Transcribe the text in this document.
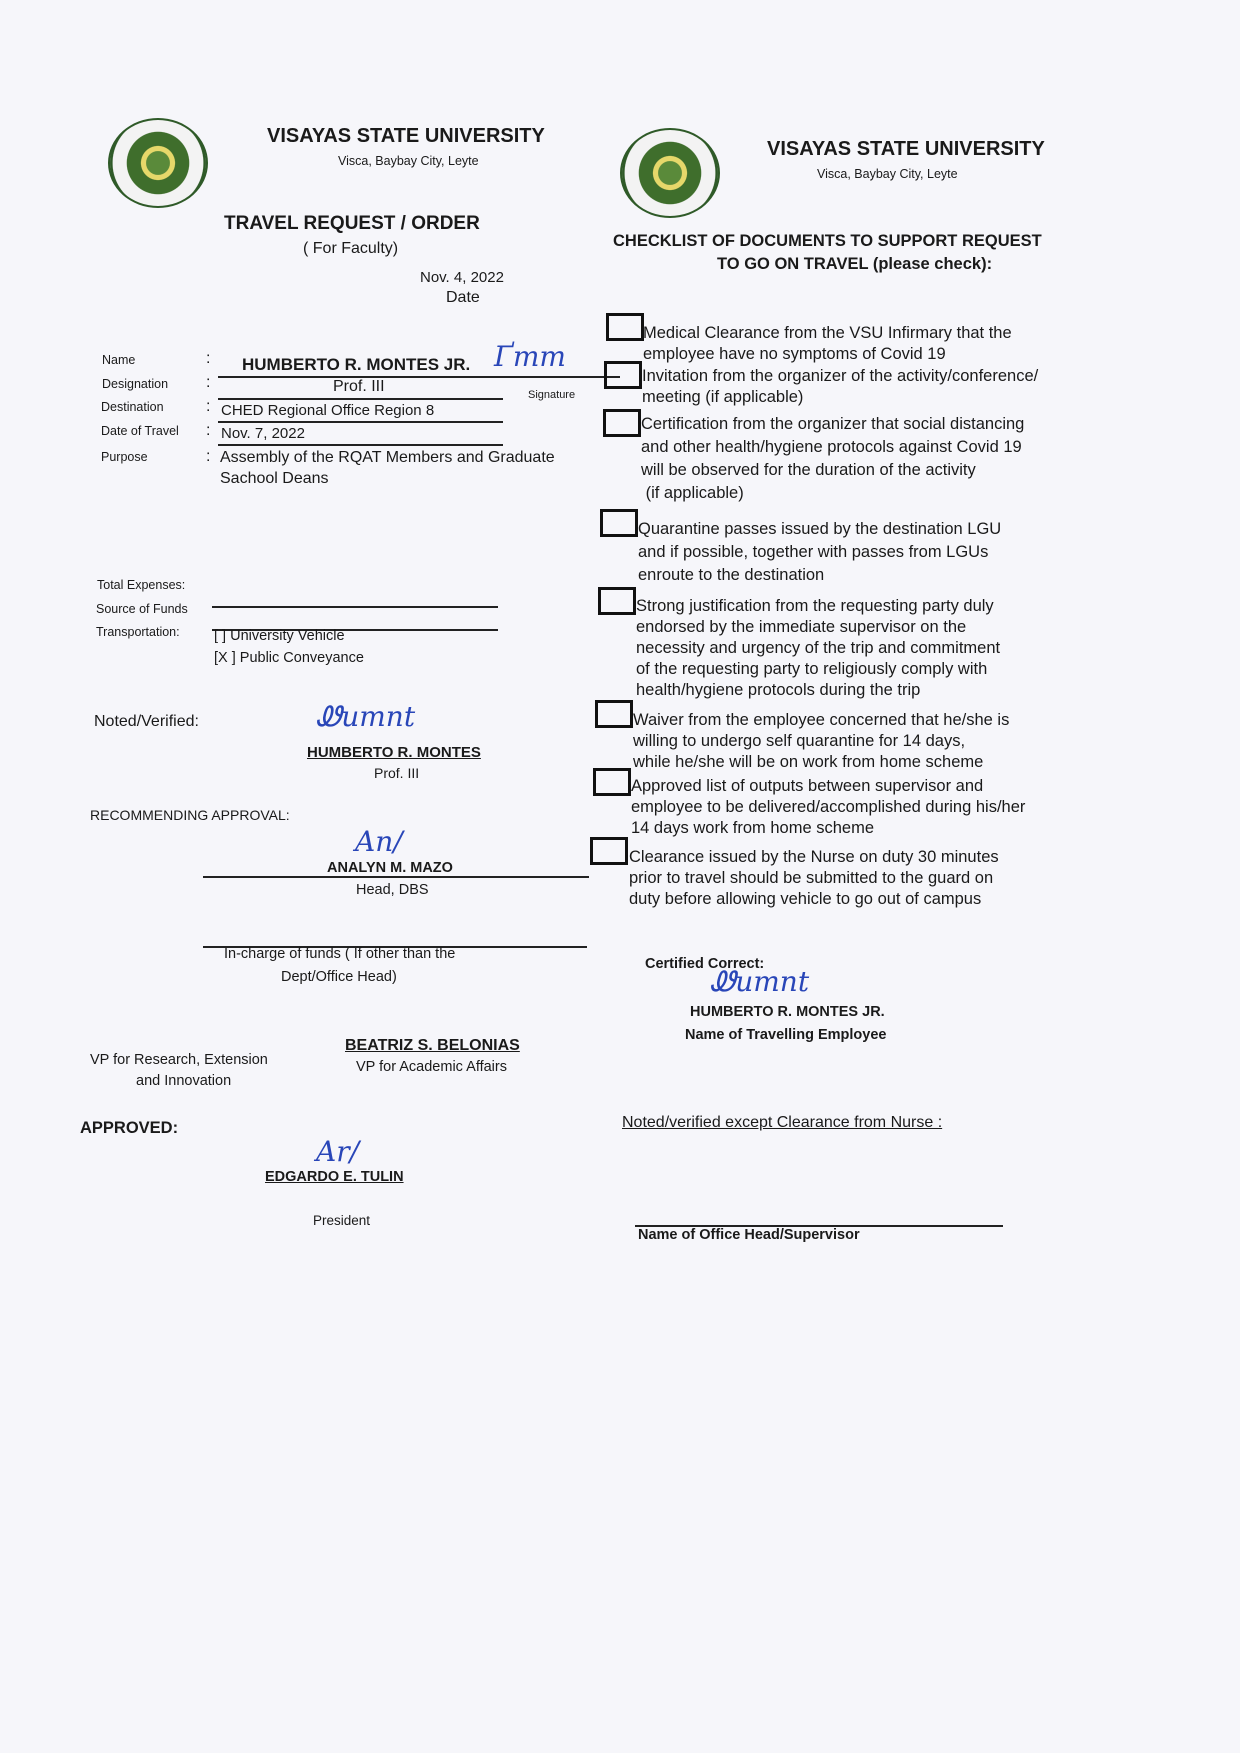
VISAYAS STATE UNIVERSITY
Visca, Baybay City, Leyte
TRAVEL REQUEST / ORDER
( For Faculty)
Nov. 4, 2022
Date
Name	: HUMBERTO R. MONTES JR. Ґmm
Designation :	Prof. III	Signature
Destination	: CHED Regional Office Region 8
Date of Travel : Nov. 7, 2022
Purpose	: Assembly of the RQAT Members and Graduate
Sachool Deans
Total Expenses:
Source of Funds
Transportation: [ ] University Vehicle
[X ] Public Conveyance
Noted/Verified:	Ꮺumnt
HUMBERTO R. MONTES
Prof. III
RECOMMENDING APPROVAL:
An/
ANALYN M. MAZO
Head, DBS
In-charge of funds ( If other than the
Dept/Office Head)
VP for Research, Extension
and Innovation
BEATRIZ S. BELONIAS
VP for Academic Affairs
APPROVED:
Ar/
EDGARDO E. TULIN
President
VISAYAS STATE UNIVERSITY
Visca, Baybay City, Leyte
CHECKLIST OF DOCUMENTS TO SUPPORT REQUEST
TO GO ON TRAVEL (please check):
Medical Clearance from the VSU Infirmary that the
employee have no symptoms of Covid 19
Invitation from the organizer of the activity/conference/
meeting (if applicable)
Certification from the organizer that social distancing
and other health/hygiene protocols against Covid 19
will be observed for the duration of the activity
(if applicable)
Quarantine passes issued by the destination LGU
and if possible, together with passes from LGUs
enroute to the destination
Strong justification from the requesting party duly
endorsed by the immediate supervisor on the
necessity and urgency of the trip and commitment
of the requesting party to religiously comply with
health/hygiene protocols during the trip
Waiver from the employee concerned that he/she is
willing to undergo self quarantine for 14 days,
while he/she will be on work from home scheme
Approved list of outputs between supervisor and
employee to be delivered/accomplished during his/her
14 days work from home scheme
Clearance issued by the Nurse on duty 30 minutes
prior to travel should be submitted to the guard on
duty before allowing vehicle to go out of campus
Certified Correct:
Ꮺumnt
HUMBERTO R. MONTES JR.
Name of Travelling Employee
Noted/verified except Clearance from Nurse :
Name of Office Head/Supervisor
